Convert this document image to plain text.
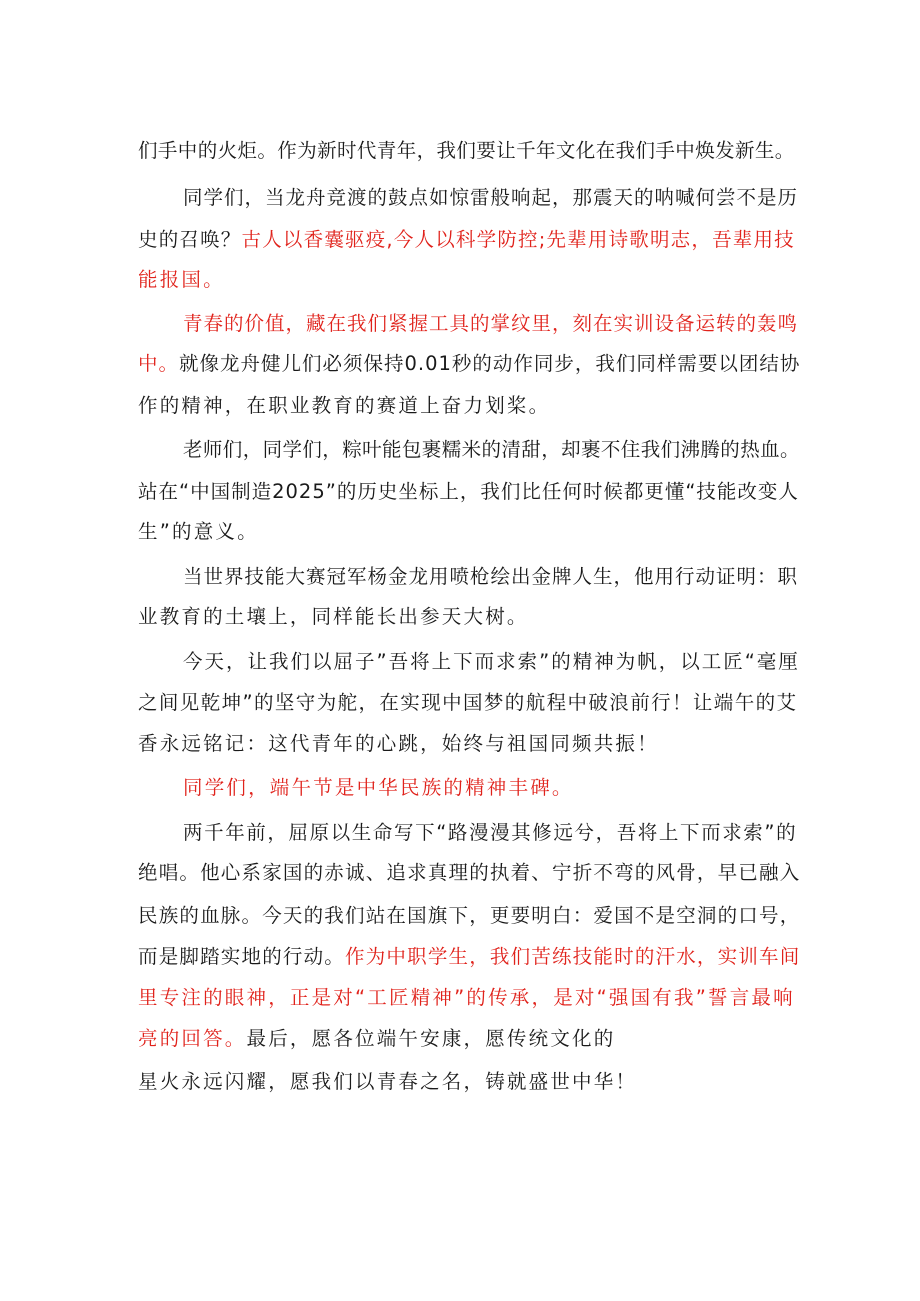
们手中的火炬。作为新时代青年，我们要让千年文化在我们手中焕发新生。
同学们，当龙舟竞渡的鼓点如惊雷般响起，那震天的呐喊何尝不是历
史的召唤？古人以香囊驱疫,今人以科学防控;先辈用诗歌明志，吾辈用技
能报国。
青春的价值，藏在我们紧握工具的掌纹里，刻在实训设备运转的轰鸣
中。就像龙舟健儿们必须保持0.01秒的动作同步，我们同样需要以团结协
作的精神，在职业教育的赛道上奋力划桨。
老师们，同学们，粽叶能包裹糯米的清甜，却裹不住我们沸腾的热血。
站在“中国制造2025”的历史坐标上，我们比任何时候都更懂“技能改变人
生”的意义。
当世界技能大赛冠军杨金龙用喷枪绘出金牌人生，他用行动证明：职
业教育的土壤上，同样能长出参天大树。
今天，让我们以屈子”吾将上下而求索”的精神为帆，以工匠“毫厘
之间见乾坤”的坚守为舵，在实现中国梦的航程中破浪前行！让端午的艾
香永远铭记：这代青年的心跳，始终与祖国同频共振！
同学们，端午节是中华民族的精神丰碑。
两千年前，屈原以生命写下“路漫漫其修远兮，吾将上下而求索”的
绝唱。他心系家国的赤诚、追求真理的执着、宁折不弯的风骨，早已融入
民族的血脉。今天的我们站在国旗下，更要明白：爱国不是空洞的口号，
而是脚踏实地的行动。作为中职学生，我们苦练技能时的汗水，实训车间
里专注的眼神，正是对“工匠精神”的传承，是对“强国有我”誓言最响
亮的回答。最后，愿各位端午安康，愿传统文化的
星火永远闪耀，愿我们以青春之名，铸就盛世中华！
